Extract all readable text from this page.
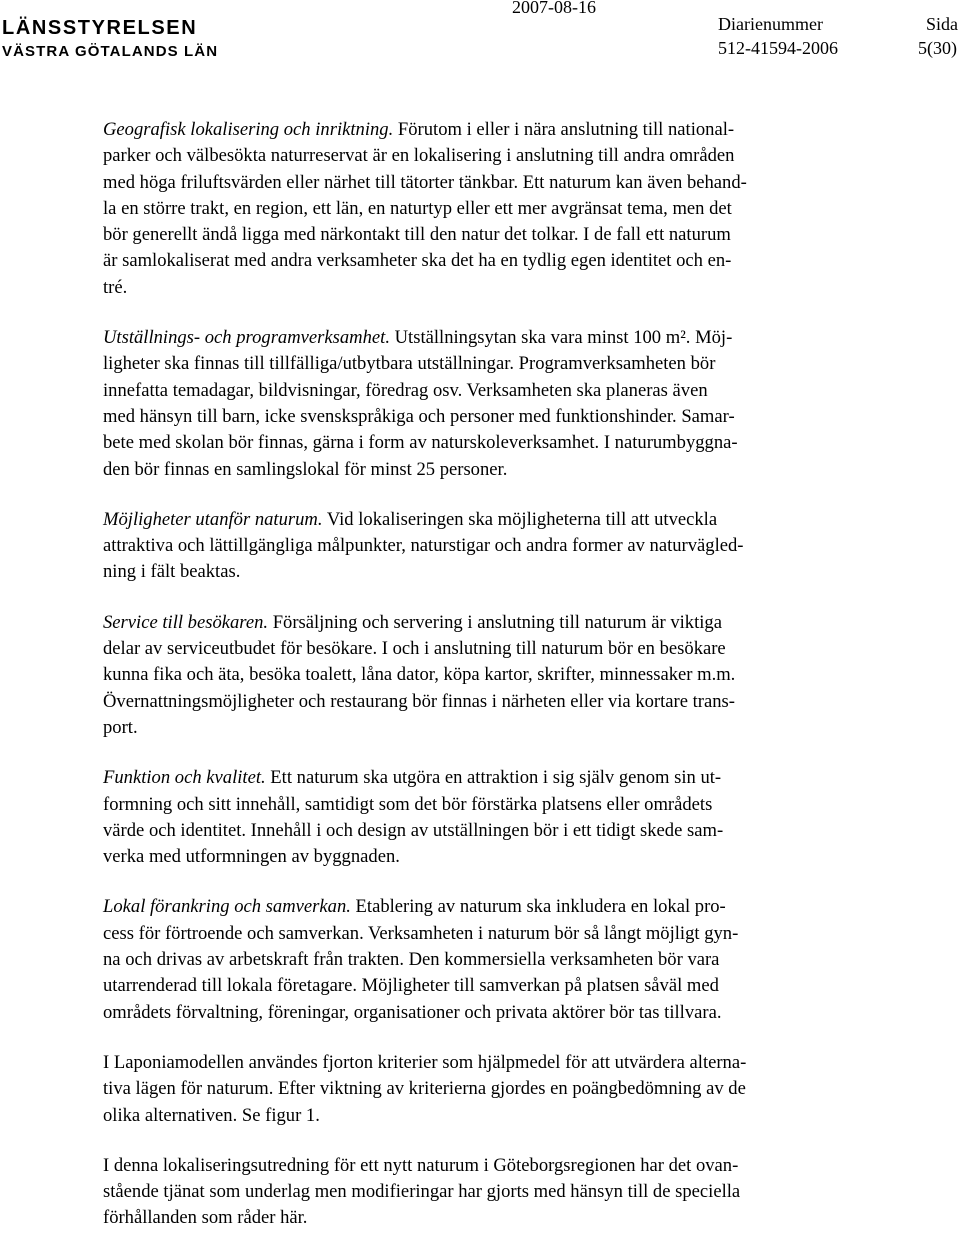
LÄNSSTYRELSEN
VÄSTRA GÖTALANDS LÄN
2007-08-16
Diarienummer
512-41594-2006
Sida
5(30)
Geografisk lokalisering och inriktning. Förutom i eller i nära anslutning till national-
parker och välbesökta naturreservat är en lokalisering i anslutning till andra områden
med höga friluftsvärden eller närhet till tätorter tänkbar. Ett naturum kan även behand-
la en större trakt, en region, ett län, en naturtyp eller ett mer avgränsat tema, men det
bör generellt ändå ligga med närkontakt till den natur det tolkar. I de fall ett naturum
är samlokaliserat med andra verksamheter ska det ha en tydlig egen identitet och en-
tré.
Utställnings- och programverksamhet. Utställningsytan ska vara minst 100 m². Möj-
ligheter ska finnas till tillfälliga/utbytbara utställningar. Programverksamheten bör
innefatta temadagar, bildvisningar, föredrag osv. Verksamheten ska planeras även
med hänsyn till barn, icke svenskspråkiga och personer med funktionshinder. Samar-
bete med skolan bör finnas, gärna i form av naturskoleverksamhet. I naturumbyggna-
den bör finnas en samlingslokal för minst 25 personer.
Möjligheter utanför naturum. Vid lokaliseringen ska möjligheterna till att utveckla
attraktiva och lättillgängliga målpunkter, naturstigar och andra former av naturvägled-
ning i fält beaktas.
Service till besökaren. Försäljning och servering i anslutning till naturum är viktiga
delar av serviceutbudet för besökare. I och i anslutning till naturum bör en besökare
kunna fika och äta, besöka toalett, låna dator, köpa kartor, skrifter, minnessaker m.m.
Övernattningsmöjligheter och restaurang bör finnas i närheten eller via kortare trans-
port.
Funktion och kvalitet. Ett naturum ska utgöra en attraktion i sig själv genom sin ut-
formning och sitt innehåll, samtidigt som det bör förstärka platsens eller områdets
värde och identitet. Innehåll i och design av utställningen bör i ett tidigt skede sam-
verka med utformningen av byggnaden.
Lokal förankring och samverkan. Etablering av naturum ska inkludera en lokal pro-
cess för förtroende och samverkan. Verksamheten i naturum bör så långt möjligt gyn-
na och drivas av arbetskraft från trakten. Den kommersiella verksamheten bör vara
utarrenderad till lokala företagare. Möjligheter till samverkan på platsen såväl med
områdets förvaltning, föreningar, organisationer och privata aktörer bör tas tillvara.
I Laponiamodellen användes fjorton kriterier som hjälpmedel för att utvärdera alterna-
tiva lägen för naturum. Efter viktning av kriterierna gjordes en poängbedömning av de
olika alternativen. Se figur 1.
I denna lokaliseringsutredning för ett nytt naturum i Göteborgsregionen har det ovan-
stående tjänat som underlag men modifieringar har gjorts med hänsyn till de speciella
förhållanden som råder här.
